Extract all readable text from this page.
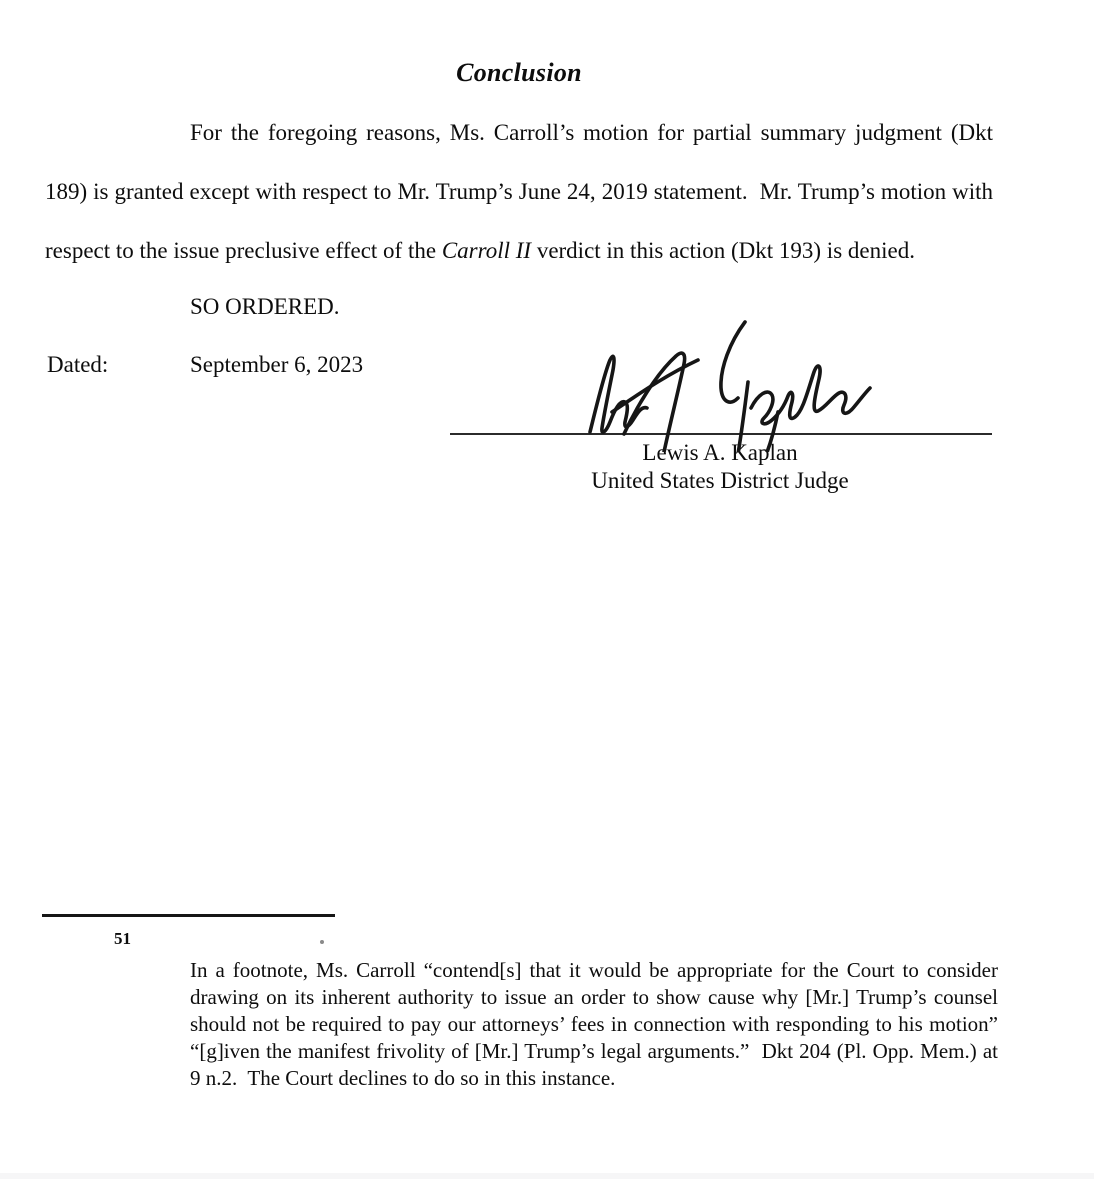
Conclusion

For the foregoing reasons, Ms. Carroll’s motion for partial summary judgment (Dkt 189) is granted except with respect to Mr. Trump’s June 24, 2019 statement.  Mr. Trump’s motion with respect to the issue preclusive effect of the Carroll II verdict in this action (Dkt 193) is denied.

SO ORDERED.
Dated:	September 6, 2023
Lewis A. Kaplan
United States District Judge
51

In a footnote, Ms. Carroll “contend[s] that it would be appropriate for the Court to consider drawing on its inherent authority to issue an order to show cause why [Mr.] Trump’s counsel should not be required to pay our attorneys’ fees in connection with responding to his motion” “[g]iven the manifest frivolity of [Mr.] Trump’s legal arguments.”  Dkt 204 (Pl. Opp. Mem.) at 9 n.2.  The Court declines to do so in this instance.
